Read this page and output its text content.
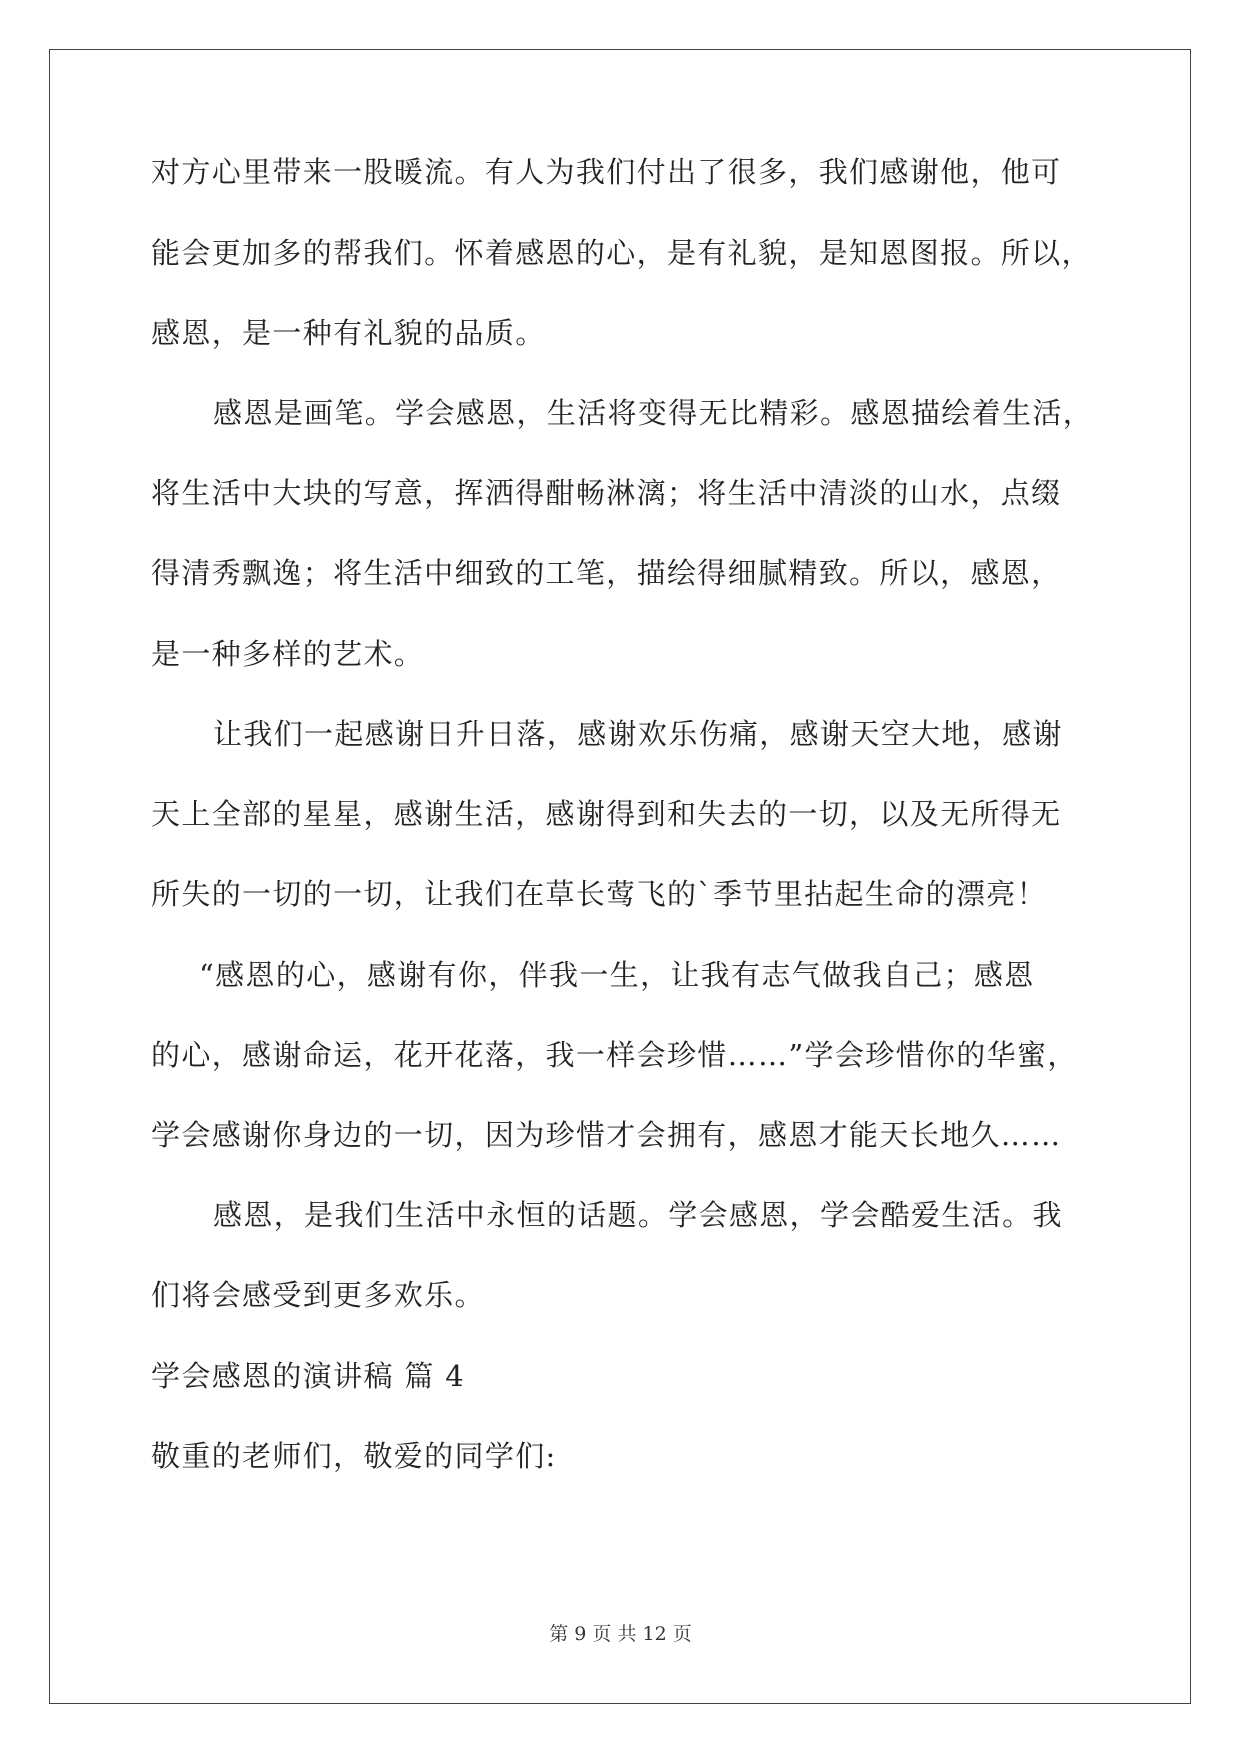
对方心里带来一股暖流。有人为我们付出了很多，我们感谢他，他可
能会更加多的帮我们。怀着感恩的心，是有礼貌，是知恩图报。所以，
感恩，是一种有礼貌的品质。
感恩是画笔。学会感恩，生活将变得无比精彩。感恩描绘着生活，
将生活中大块的写意，挥洒得酣畅淋漓；将生活中清淡的山水，点缀
得清秀飘逸；将生活中细致的工笔，描绘得细腻精致。所以，感恩，
是一种多样的艺术。
让我们一起感谢日升日落，感谢欢乐伤痛，感谢天空大地，感谢
天上全部的星星，感谢生活，感谢得到和失去的一切，以及无所得无
所失的一切的一切，让我们在草长莺飞的`季节里拈起生命的漂亮！
“感恩的心，感谢有你，伴我一生，让我有志气做我自己；感恩
的心，感谢命运，花开花落，我一样会珍惜……”学会珍惜你的华蜜，
学会感谢你身边的一切，因为珍惜才会拥有，感恩才能天长地久……
感恩，是我们生活中永恒的话题。学会感恩，学会酷爱生活。我
们将会感受到更多欢乐。
学会感恩的演讲稿 篇 4
敬重的老师们，敬爱的同学们:
第 9 页 共 12 页
